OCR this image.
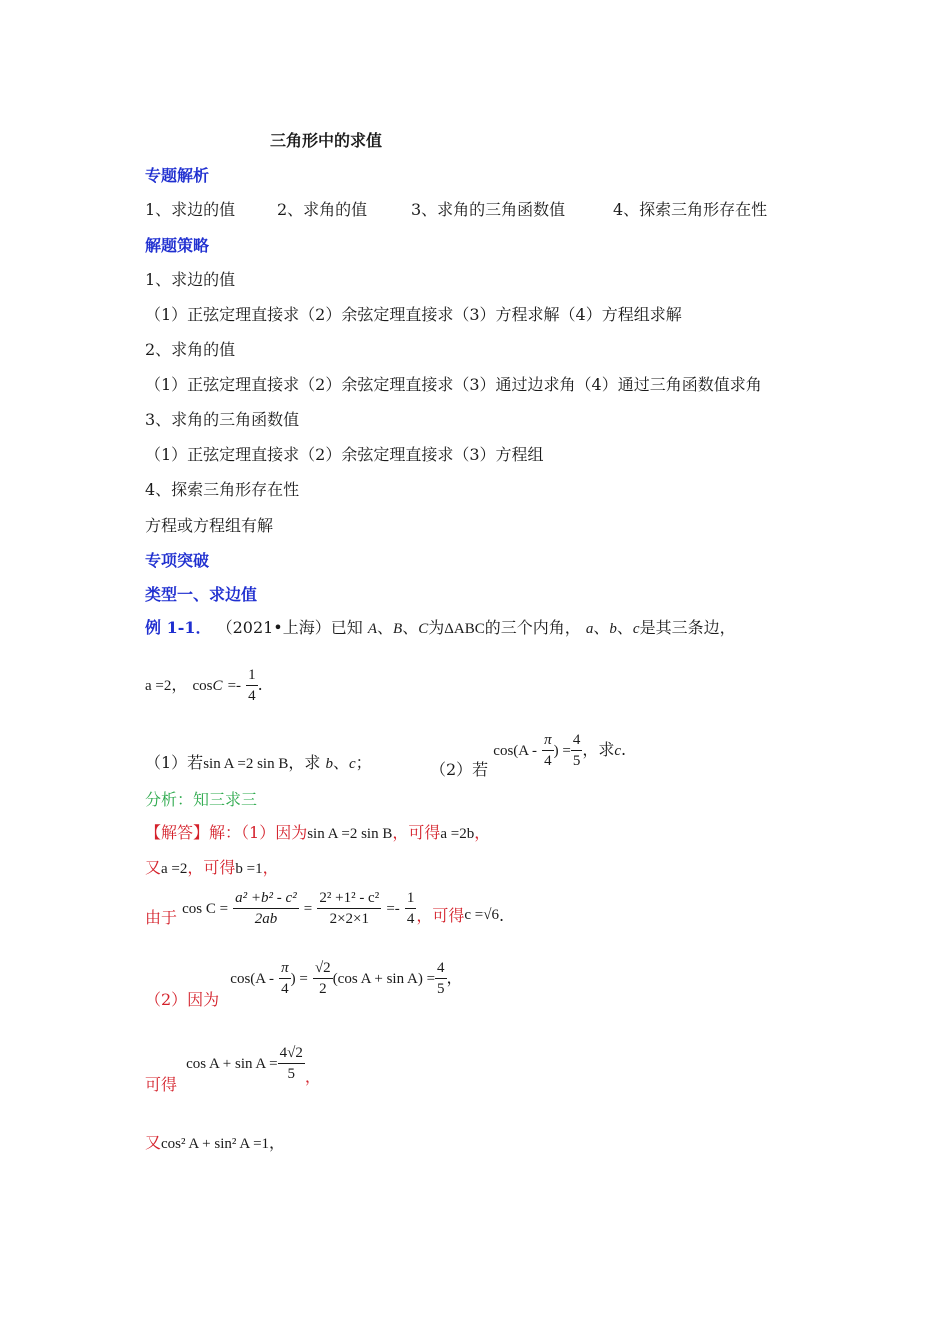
三角形中的求值
专题解析
1、求边的值	2、求角的值	3、求角的三角函数值	4、探索三角形存在性
解题策略
1、求边的值
（1）正弦定理直接求（2）余弦定理直接求（3）方程求解（4）方程组求解
2、求角的值
（1）正弦定理直接求（2）余弦定理直接求（3）通过边求角（4）通过三角函数值求角
3、求角的三角函数值
（1）正弦定理直接求（2）余弦定理直接求（3）方程组
4、探索三角形存在性
方程或方程组有解
专项突破
类型一、求边值
例 1-1． （2021•上海）已知 A、B、C为ΔABC的三个内角， a、b、c是其三条边，
a =2， $\cos C =- \frac{1}{4}$ .
（1）若sin A =2 sin B，求 b、c；	（2）若 $\cos(A - \frac{\pi}{4}$ ) = $\frac{4}{5}$ ，求c.
分析：知三求三
【解答】解：（1）因为sin A =2 sin B，可得a =2b，
又a =2，可得b =1，
由于 $\cos C = \frac{\text{a² +b² - c²}}{2ab} = \frac{\text{2² +1² - c²}}{2\times 2\times 1} =- \frac{1}{4}$ ，可得c =√6.
（2）因为 $\cos(A - \frac{\pi}{4}$ ) = $\frac{√2}{2} (\cos$ $A + \sin A) = \frac{4}{5}$ ，
可得 $\cos A + \sin A = \frac{4√2}{5}$ ，
又cos² A + sin² A =1，
